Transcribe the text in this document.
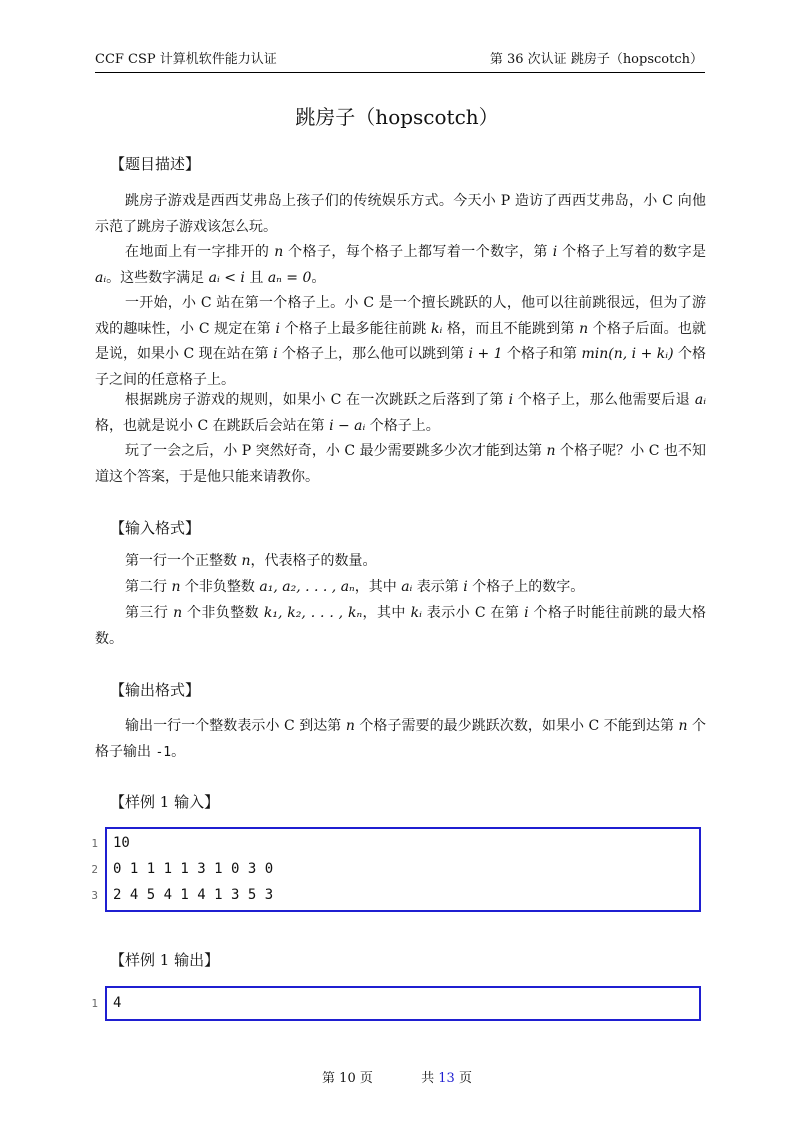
CCF CSP 计算机软件能力认证	第 36 次认证 跳房子（hopscotch）
跳房子（hopscotch）
【题目描述】
跳房子游戏是西西艾弗岛上孩子们的传统娱乐方式。今天小 P 造访了西西艾弗岛，小 C 向他示范了跳房子游戏该怎么玩。
在地面上有一字排开的 n 个格子，每个格子上都写着一个数字，第 i 个格子上写着的数字是 aᵢ。这些数字满足 aᵢ < i 且 aₙ = 0。
一开始，小 C 站在第一个格子上。小 C 是一个擅长跳跃的人，他可以往前跳很远，但为了游戏的趣味性，小 C 规定在第 i 个格子上最多能往前跳 kᵢ 格，而且不能跳到第 n 个格子后面。也就是说，如果小 C 现在站在第 i 个格子上，那么他可以跳到第 i + 1 个格子和第 min(n, i + kᵢ) 个格子之间的任意格子上。
根据跳房子游戏的规则，如果小 C 在一次跳跃之后落到了第 i 个格子上，那么他需要后退 aᵢ 格，也就是说小 C 在跳跃后会站在第 i − aᵢ 个格子上。
玩了一会之后，小 P 突然好奇，小 C 最少需要跳多少次才能到达第 n 个格子呢？小 C 也不知道这个答案，于是他只能来请教你。
【输入格式】
第一行一个正整数 n，代表格子的数量。
第二行 n 个非负整数 a₁, a₂, . . . , aₙ，其中 aᵢ 表示第 i 个格子上的数字。
第三行 n 个非负整数 k₁, k₂, . . . , kₙ，其中 kᵢ 表示小 C 在第 i 个格子时能往前跳的最大格数。
【输出格式】
输出一行一个整数表示小 C 到达第 n 个格子需要的最少跳跃次数，如果小 C 不能到达第 n 个格子输出 -1。
【样例 1 输入】
1
2
3
10
0 1 1 1 1 3 1 0 3 0
2 4 5 4 1 4 1 3 5 3
【样例 1 输出】
1 4
第 10 页	共 13 页
